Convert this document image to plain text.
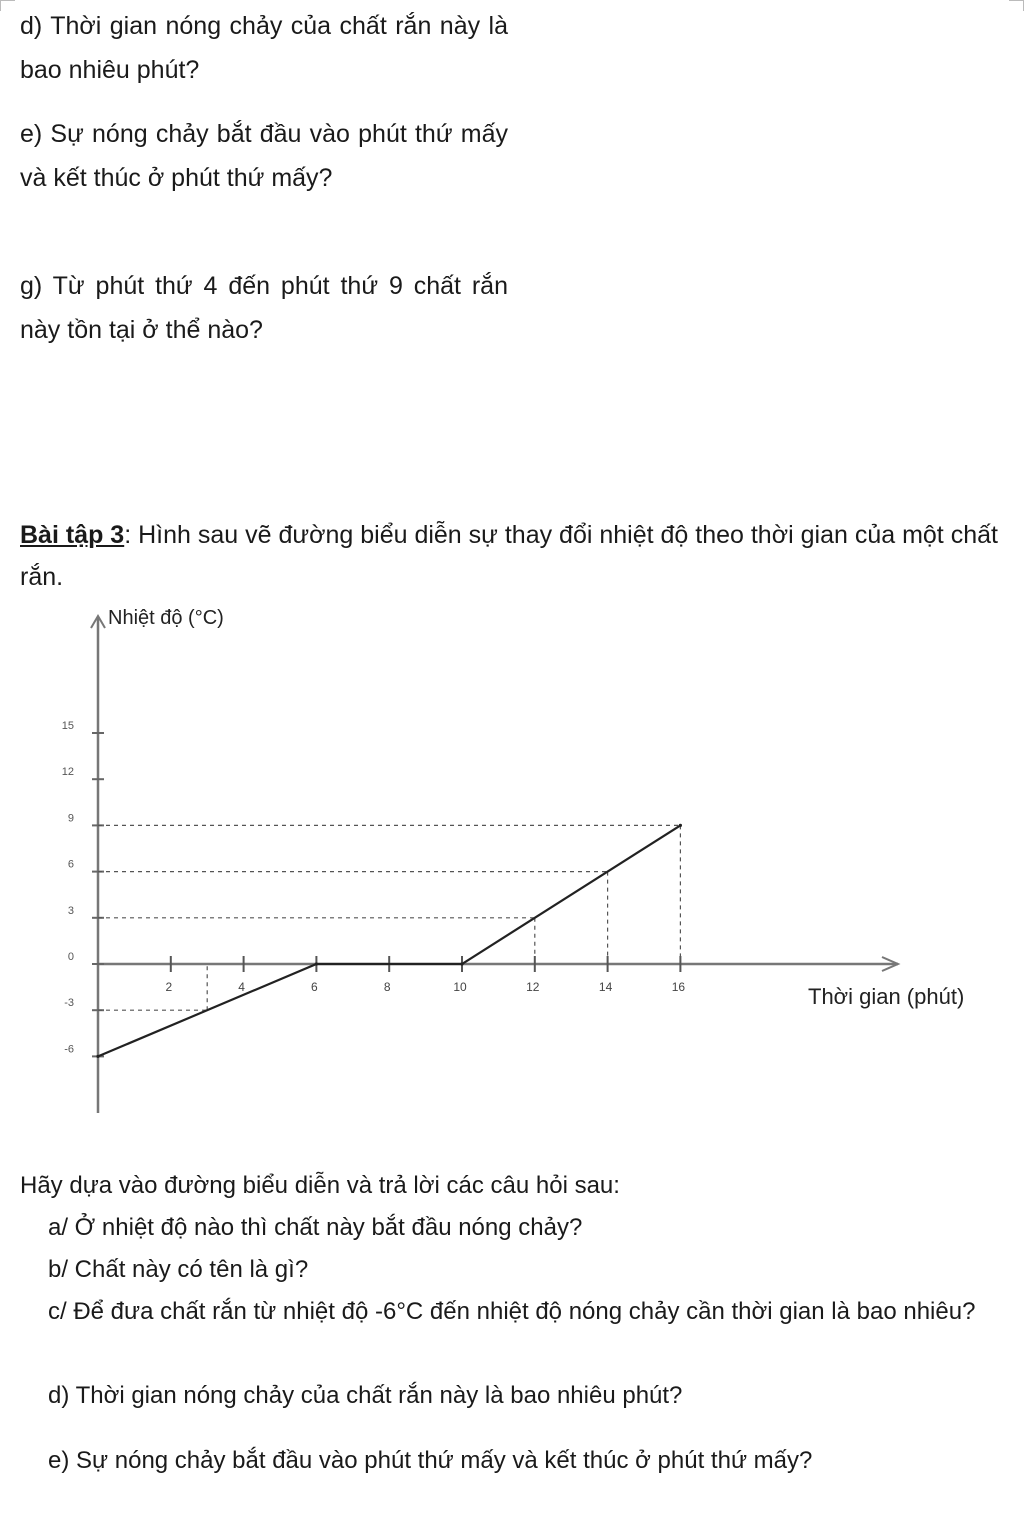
d) Thời gian nóng chảy của chất rắn này là bao nhiêu phút?
e) Sự nóng chảy bắt đầu vào phút thứ mấy và kết thúc ở phút thứ mấy?
g) Từ phút thứ 4 đến phút thứ 9 chất rắn này tồn tại ở thể nào?
Bài tập 3: Hình sau vẽ đường biểu diễn sự thay đổi nhiệt độ theo thời gian của một chất rắn.
Nhiệt độ (°C)
Thời gian (phút)
15
12
9
6
3
0
-3
-6
2	4	6	8	10	12	14	16
Hãy dựa vào đường biểu diễn và trả lời các câu hỏi sau:
a/ Ở nhiệt độ nào thì chất này bắt đầu nóng chảy?
b/ Chất này có tên là gì?
c/ Để đưa chất rắn từ nhiệt độ -6°C đến nhiệt độ nóng chảy cần thời gian là bao nhiêu?
d) Thời gian nóng chảy của chất rắn này là bao nhiêu phút?
e) Sự nóng chảy bắt đầu vào phút thứ mấy và kết thúc ở phút thứ mấy?
